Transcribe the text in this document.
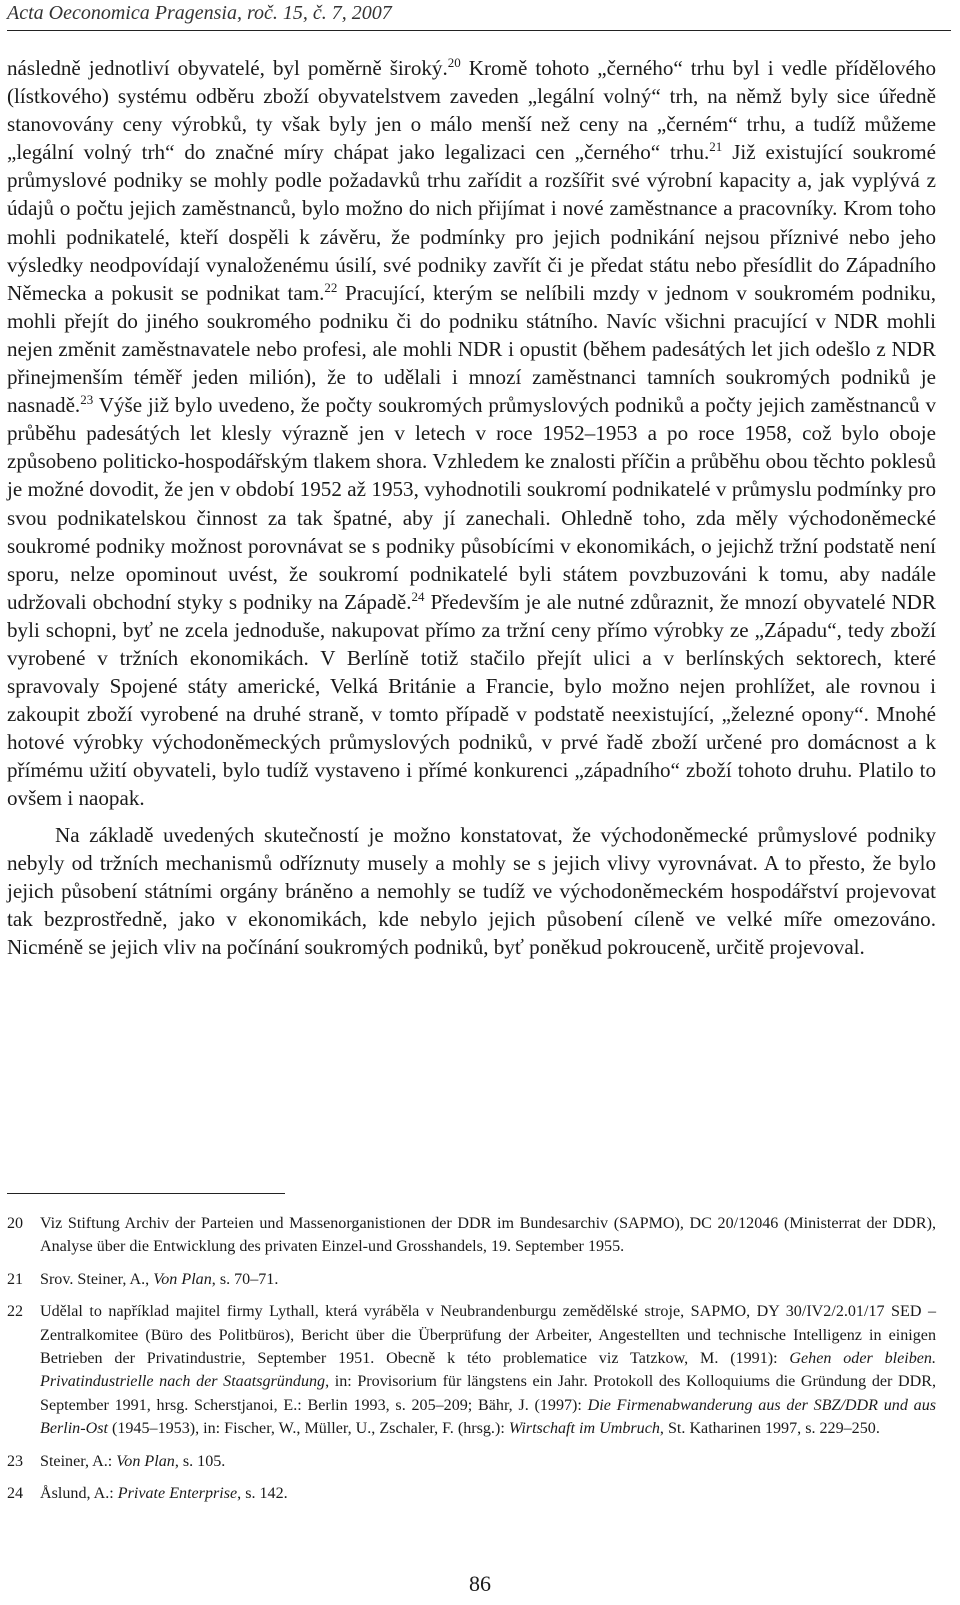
Acta Oeconomica Pragensia, roč. 15, č. 7, 2007

následně jednotliví obyvatelé, byl poměrně široký.$^{20}$ Kromě tohoto „černého“ trhu byl i vedle přídělového (lístkového) systému odběru zboží obyvatelstvem zaveden „legální volný“ trh, na němž byly sice úředně stanovovány ceny výrobků, ty však byly jen o málo menší než ceny na „černém“ trhu, a tudíž můžeme „legální volný trh“ do značné míry chápat jako legalizaci cen „černého“ trhu.$^{21}$ Již existující soukromé průmyslové podniky se mohly podle požadavků trhu zařídit a rozšířit své výrobní kapacity a, jak vyplývá z údajů o počtu jejich zaměstnanců, bylo možno do nich přijímat i nové zaměstnance a pracovníky. Krom toho mohli podnikatelé, kteří dospěli k závěru, že podmínky pro jejich podnikání nejsou příznivé nebo jeho výsledky neodpovídají vynaloženému úsilí, své podniky zavřít či je předat státu nebo přesídlit do Západního Německa a pokusit se podnikat tam.$^{22}$ Pracující, kterým se nelíbili mzdy v jednom v soukromém podniku, mohli přejít do jiného soukromého podniku či do podniku státního. Navíc všichni pracující v NDR mohli nejen změnit zaměstnavatele nebo profesi, ale mohli NDR i opustit (během padesátých let jich odešlo z NDR přinejmenším téměř jeden milión), že to udělali i mnozí zaměstnanci tamních soukromých podniků je nasnadě.$^{23}$ Výše již bylo uvedeno, že počty soukromých průmyslových podniků a počty jejich zaměstnanců v průběhu padesátých let klesly výrazně jen v letech v roce 1952–1953 a po roce 1958, což bylo oboje způsobeno politicko-hospodářským tlakem shora. Vzhledem ke znalosti příčin a průběhu obou těchto poklesů je možné dovodit, že jen v období 1952 až 1953, vyhodnotili soukromí podnikatelé v průmyslu podmínky pro svou podnikatelskou činnost za tak špatné, aby jí zanechali. Ohledně toho, zda měly východoněmecké soukromé podniky možnost porovnávat se s podniky působícími v ekonomikách, o jejichž tržní podstatě není sporu, nelze opominout uvést, že soukromí podnikatelé byli státem povzbuzováni k tomu, aby nadále udržovali obchodní styky s podniky na Západě.$^{24}$ Především je ale nutné zdůraznit, že mnozí obyvatelé NDR byli schopni, byť ne zcela jednoduše, nakupovat přímo za tržní ceny přímo výrobky ze „Západu“, tedy zboží vyrobené v tržních ekonomikách. V Berlíně totiž stačilo přejít ulici a v berlínských sektorech, které spravovaly Spojené státy americké, Velká Británie a Francie, bylo možno nejen prohlížet, ale rovnou i zakoupit zboží vyrobené na druhé straně, v tomto případě v podstatě neexistující, „železné opony“. Mnohé hotové výrobky východoněmeckých průmyslových podniků, v prvé řadě zboží určené pro domácnost a k přímému užití obyvateli, bylo tudíž vystaveno i přímé konkurenci „západního“ zboží tohoto druhu. Platilo to ovšem i naopak.

Na základě uvedených skutečností je možno konstatovat, že východoněmecké průmyslové podniky nebyly od tržních mechanismů odříznuty musely a mohly se s jejich vlivy vyrovnávat. A to přesto, že bylo jejich působení státními orgány bráněno a nemohly se tudíž ve východoněmeckém hospodářství projevovat tak bezprostředně, jako v ekonomikách, kde nebylo jejich působení cíleně ve velké míře omezováno. Nicméně se jejich vliv na počínání soukromých podniků, byť poněkud pokrouceně, určitě projevoval.

20	Viz Stiftung Archiv der Parteien und Massenorganistionen der DDR im Bundesarchiv (SAPMO), DC 20/12046 (Ministerrat der DDR), Analyse über die Entwicklung des privaten Einzel-und Grosshandels, 19. September 1955.
21	Srov. Steiner, A., Von Plan, s. 70–71.
22	Udělal to například majitel firmy Lythall, která vyráběla v Neubrandenburgu zemědělské stroje, SAPMO, DY 30/IV2/2.01/17 SED – Zentralkomitee (Büro des Politbüros), Bericht über die Überprüfung der Arbeiter, Angestellten und technische Intelligenz in einigen Betrieben der Privatindustrie, September 1951. Obecně k této problematice viz Tatzkow, M. (1991): Gehen oder bleiben. Privatindustrielle nach der Staatsgründung, in: Provisorium für längstens ein Jahr. Protokoll des Kolloquiums die Gründung der DDR, September 1991, hrsg. Scherstjanoi, E.: Berlin 1993, s. 205–209; Bähr, J. (1997): Die Firmenabwanderung aus der SBZ/DDR und aus Berlin-Ost (1945–1953), in: Fischer, W., Müller, U., Zschaler, F. (hrsg.): Wirtschaft im Umbruch, St. Katharinen 1997, s. 229–250.
23	Steiner, A.: Von Plan, s. 105.
24	Åslund, A.: Private Enterprise, s. 142.
86
